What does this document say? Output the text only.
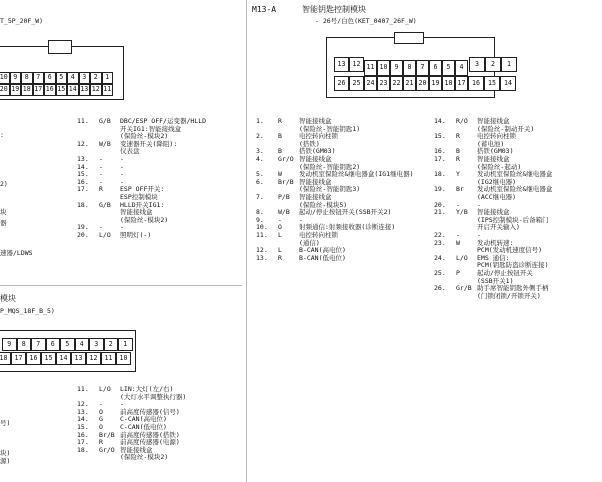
M13-A	智能钥匙控制模块
- 26号/白色(KET_0407_26F_W)
13	12 11 10	9	8	7	6	5	4	3	2	1
26	25 24 23 22 21 20 19 18 17 16	15	14
1.	R	智能接线盒
(保险丝-智能钥匙1)
2.	B	电控转向柱锁
(搭铁)
3.	B	搭铁(GM03)
4.	Gr/O 智能接线盒
(保险丝-智能钥匙2)
5.	W	发动机室保险丝&继电器盒(IG1继电器)
6.	Br/B 智能接线盒
(保险丝-智能钥匙3)
7.	P/B	智能接线盒
(保险丝-模块5)
8.	W/B	起动/停止按钮开关(SSB开关2)
9.	-	-
10.	O	射频通信:射频接收器(诊断连接)
11.	L	电控转向柱锁
(通信)
12.	L	B-CAN(高电位)
13.	R	B-CAN(低电位)
14.	R/O	智能接线盒
(保险丝-制动开关)
15.	R	电控转向柱锁
(蓄电池)
16.	B	搭铁(GM03)
17.	R	智能接线盒
(保险丝-起动)
18.	Y	发动机室保险丝&继电器盒
(IG2继电器)
19.	Br	发动机室保险丝&继电器盒
(ACC继电器)
20.	-	-
21.	Y/B	智能接线盒
(IPS控制模块-后备箱门
开启开关输入)
22.	-	-
23.	W	发动机转速:
PCM(发动机速度信号)
24.	L/O	EMS 通信:
PCM(钥匙防盗诊断连接)
25.	P	起动/停止按钮开关
(SSB开关1)
26.	Gr/B 助手席智能钥匙外侧手柄
(门锁闭锁/开锁开关)
T_5P_20F_W)
10 9	8	7	6	5	4	3	2	1
20 19 18 17 16 15 14 13 12 11
:
2)
块
器
速器/LDWS
11.	G/B	DBC/ESP OFF/运变器/HLLD
开关IG1:智能接线盒
(保险丝-模块2)
12.	W/B	变速器开关(降阻):
仪表盘
13.	-	-
14.	-	-
15.	-	-
16.	-	-
17.	R	ESP OFF开关:
ESP控制模块
18.	G/B	HLLD开关IG1:
智能接线盒
(保险丝-模块2)
19.	-	-
20.	L/O	照明灯(-)
模块
P_MQS_18F_B_5)
9	8	7	6	5	4	3	2	1
18	17	16	15	14	13	12	11	10
号)
块)
源)
11.	L/O	LIN:大灯(左/右)
(大灯水平调整执行器)
12.	-	-
13.	O	前高度传感器(信号)
14.	G	C-CAN(高电位)
15.	O	C-CAN(低电位)
16.	Br/B 前高度传感器(搭铁)
17.	R	前高度传感器(电源)
18.	Gr/O 智能接线盒
(保险丝-模块2)
